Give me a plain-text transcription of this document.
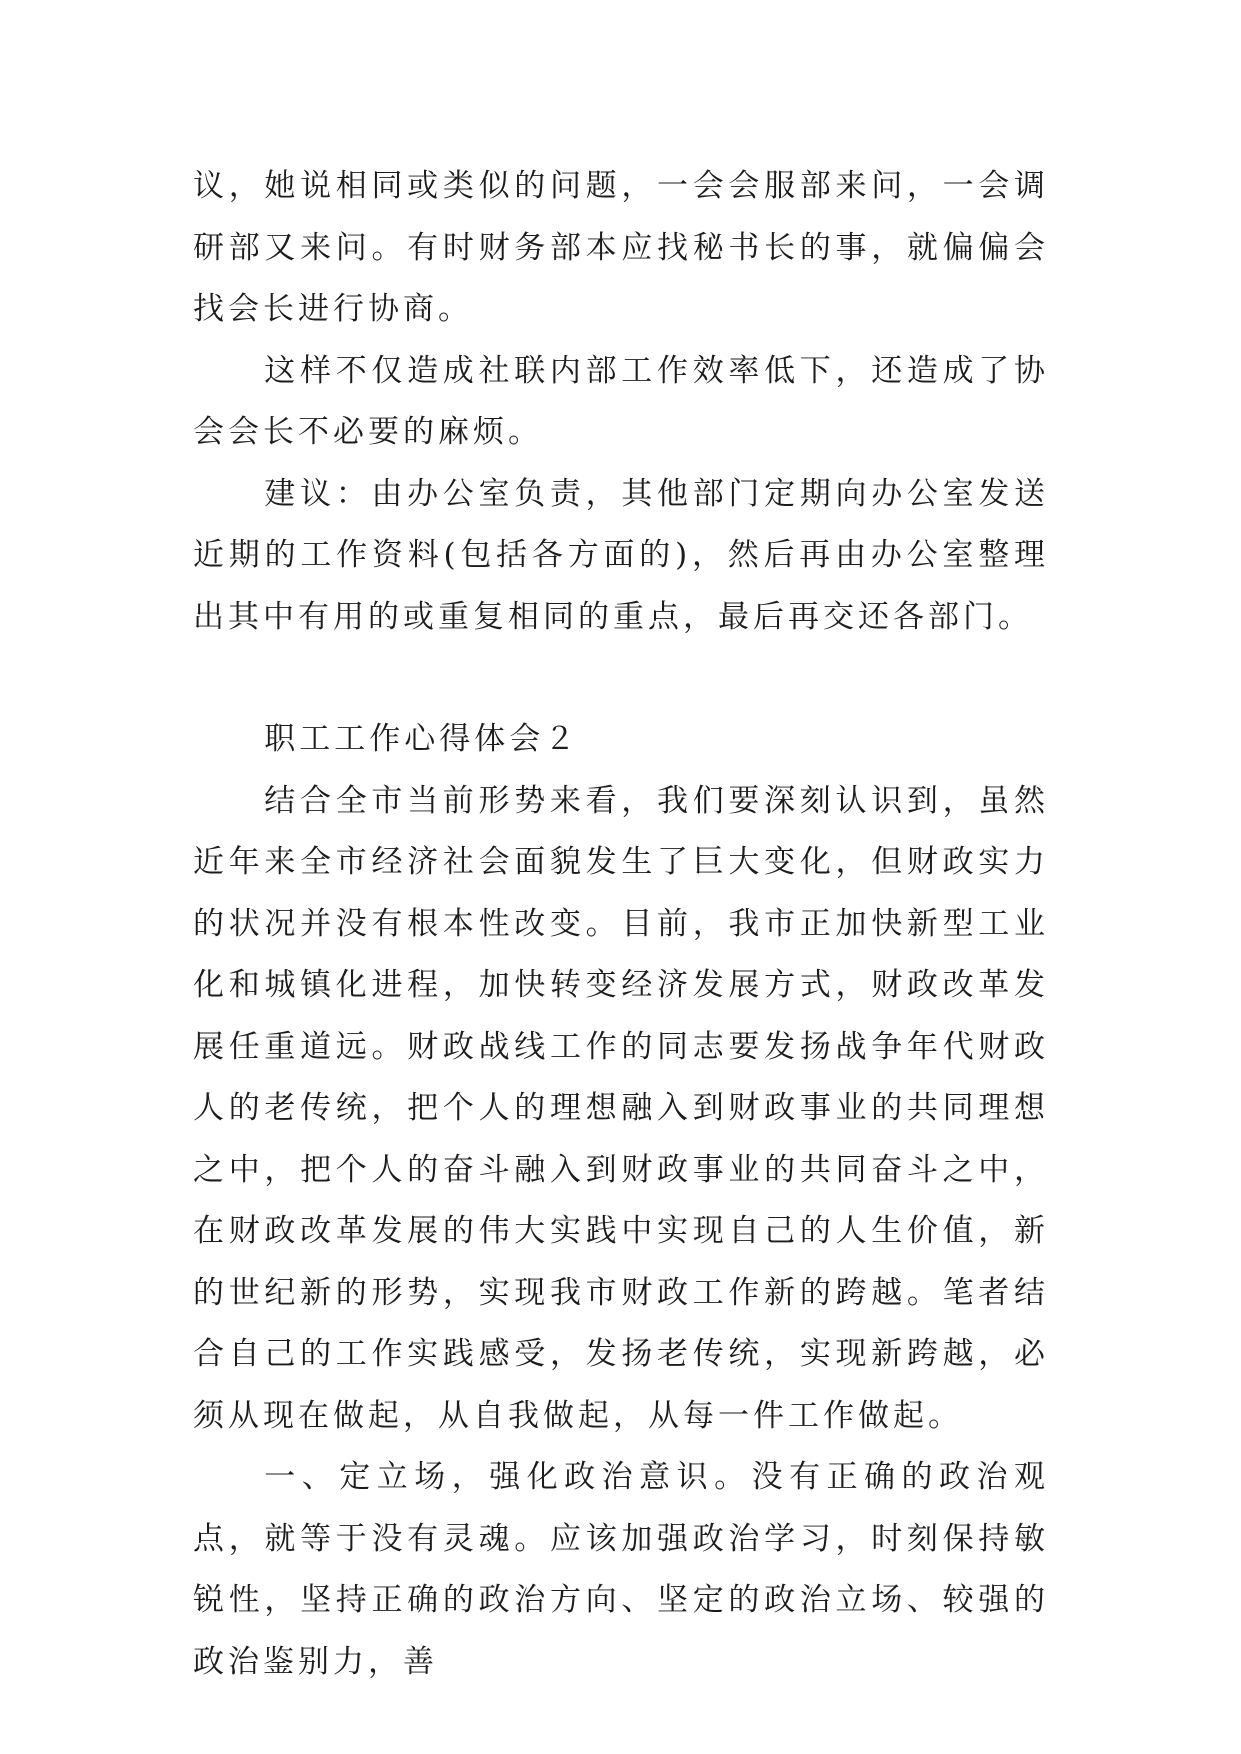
议，她说相同或类似的问题，一会会服部来问，一会调研部又来问。有时财务部本应找秘书长的事，就偏偏会找会长进行协商。

这样不仅造成社联内部工作效率低下，还造成了协会会长不必要的麻烦。

建议：由办公室负责，其他部门定期向办公室发送近期的工作资料(包括各方面的)，然后再由办公室整理出其中有用的或重复相同的重点，最后再交还各部门。

职工工作心得体会２

结合全市当前形势来看，我们要深刻认识到，虽然近年来全市经济社会面貌发生了巨大变化，但财政实力的状况并没有根本性改变。目前，我市正加快新型工业化和城镇化进程，加快转变经济发展方式，财政改革发展任重道远。财政战线工作的同志要发扬战争年代财政人的老传统，把个人的理想融入到财政事业的共同理想之中，把个人的奋斗融入到财政事业的共同奋斗之中，在财政改革发展的伟大实践中实现自己的人生价值，新的世纪新的形势，实现我市财政工作新的跨越。笔者结合自己的工作实践感受，发扬老传统，实现新跨越，必须从现在做起，从自我做起，从每一件工作做起。

一、定立场，强化政治意识。没有正确的政治观点，就等于没有灵魂。应该加强政治学习，时刻保持敏锐性，坚持正确的政治方向、坚定的政治立场、较强的政治鉴别力，善
